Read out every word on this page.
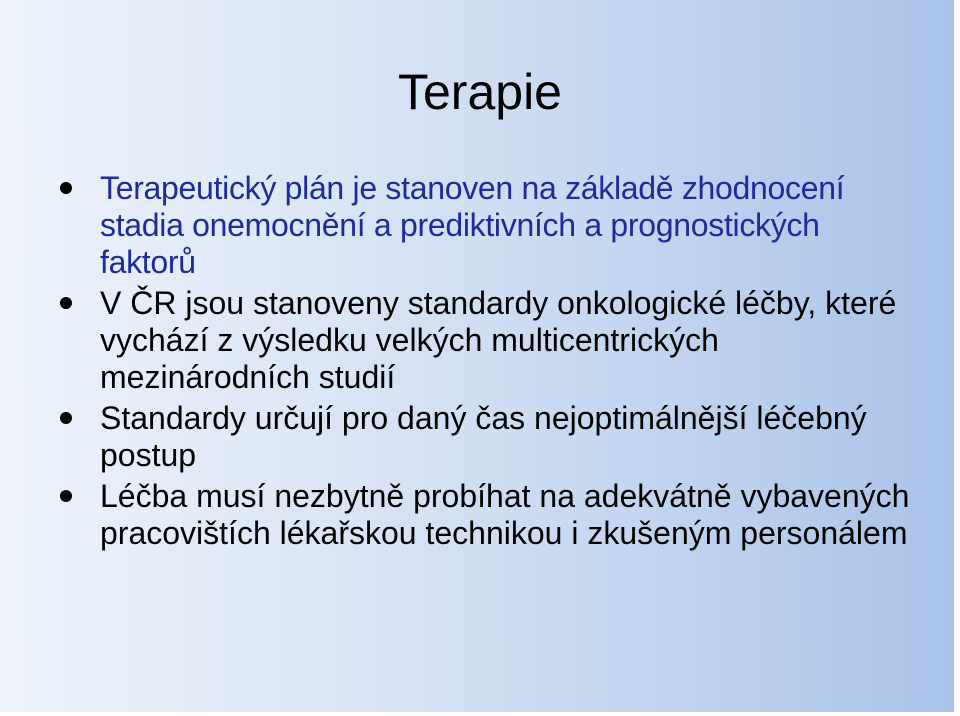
Terapie
Terapeutický plán je stanoven na základě zhodnocení stadia onemocnění a prediktivních a prognostických faktorů
V ČR jsou stanoveny standardy onkologické léčby, které vychází z výsledku velkých multicentrických mezinárodních studií
Standardy určují pro daný čas nejoptimálnější léčebný postup
Léčba musí nezbytně probíhat na adekvátně vybavených pracovištích lékařskou technikou i zkušeným personálem
